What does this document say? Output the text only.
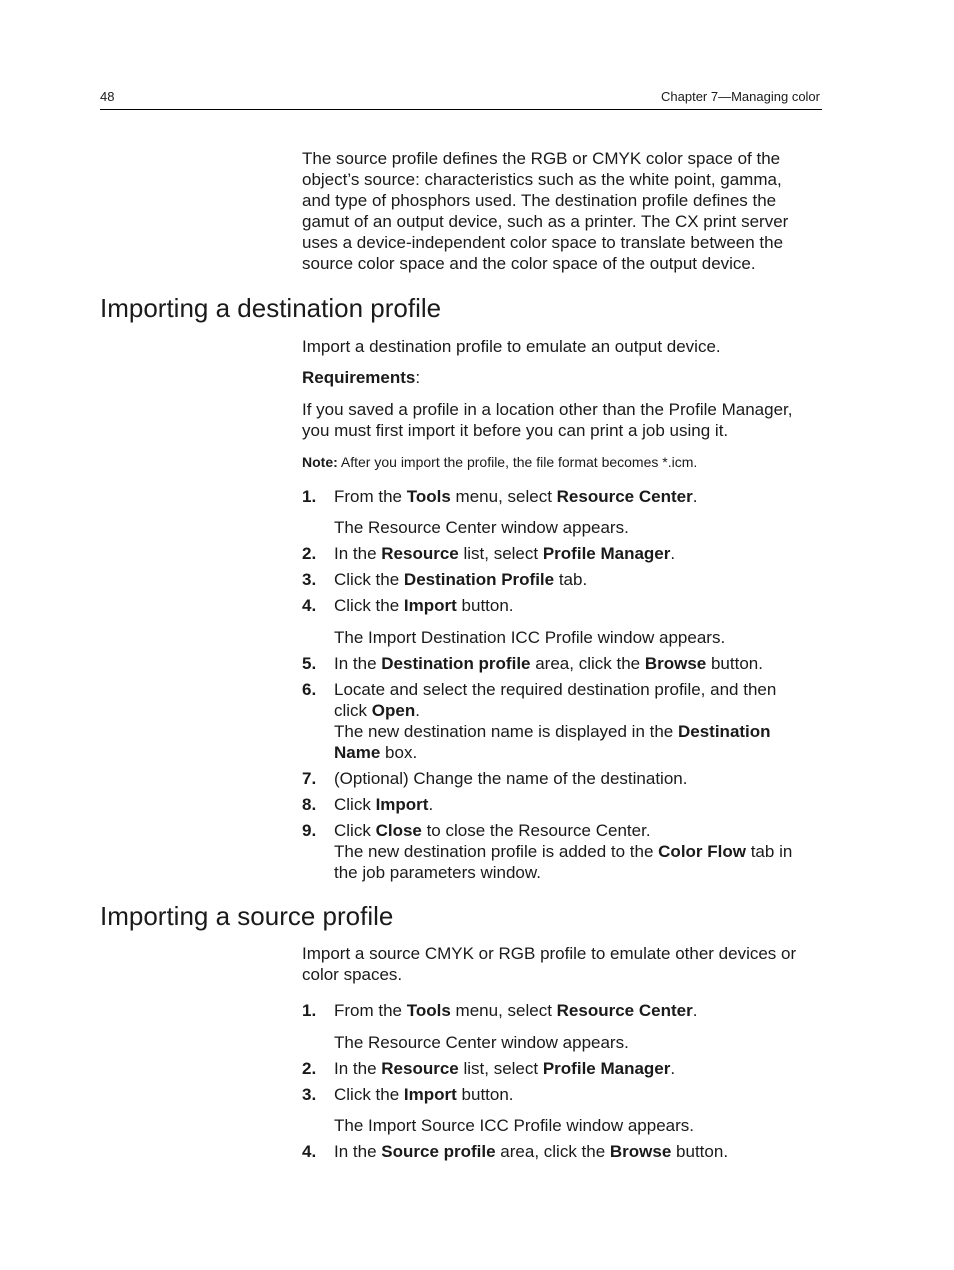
48	Chapter 7—Managing color

The source profile defines the RGB or CMYK color space of the
object’s source: characteristics such as the white point, gamma,
and type of phosphors used. The destination profile defines the
gamut of an output device, such as a printer. The CX print server
uses a device-independent color space to translate between the
source color space and the color space of the output device.

Importing a destination profile

Import a destination profile to emulate an output device.

Requirements:

If you saved a profile in a location other than the Profile Manager,
you must first import it before you can print a job using it.

Note: After you import the profile, the file format becomes *.icm.

1. From the Tools menu, select Resource Center.

The Resource Center window appears.

2. In the Resource list, select Profile Manager.
3. Click the Destination Profile tab.
4. Click the Import button.

The Import Destination ICC Profile window appears.

5. In the Destination profile area, click the Browse button.
6. Locate and select the required destination profile, and then
click Open.
The new destination name is displayed in the Destination
Name box.
7. (Optional) Change the name of the destination.
8. Click Import.
9. Click Close to close the Resource Center.
The new destination profile is added to the Color Flow tab in
the job parameters window.
Importing a source profile

Import a source CMYK or RGB profile to emulate other devices or
color spaces.

1. From the Tools menu, select Resource Center.

The Resource Center window appears.

2. In the Resource list, select Profile Manager.
3. Click the Import button.

The Import Source ICC Profile window appears.

4. In the Source profile area, click the Browse button.
